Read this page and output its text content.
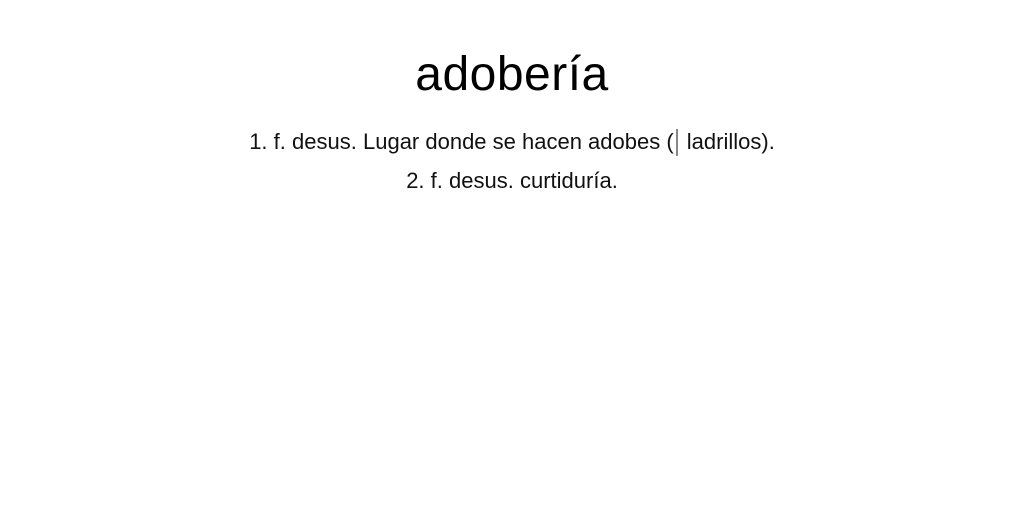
adobería
1. f. desus. Lugar donde se hacen adobes ( ladrillos).
2. f. desus. curtiduría.
